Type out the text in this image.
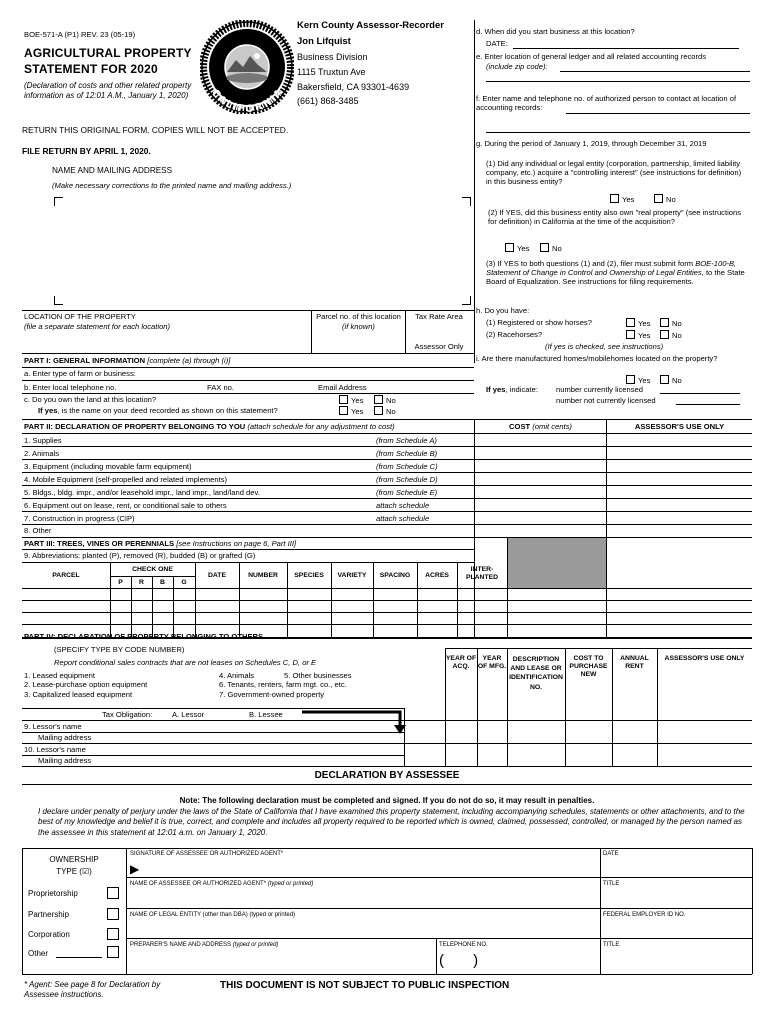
BOE-571-A (P1) REV. 23 (05-19)
AGRICULTURAL PROPERTY
STATEMENT FOR 2020
(Declaration of costs and other related property information as of 12:01 A.M., January 1, 2020)	CALIFORNIA
Kern County Assessor-Recorder
Jon Lifquist
Business Division
1115 Truxtun Ave
Bakersfield, CA 93301-4639
(661) 868-3485
RETURN THIS ORIGINAL FORM. COPIES WILL NOT BE ACCEPTED.
FILE RETURN BY APRIL 1, 2020.
NAME AND MAILING ADDRESS
(Make necessary corrections to the printed name and mailing address.)
d. When did you start business at this location?
DATE:
e. Enter location of general ledger and all related accounting records
(include zip code):
f. Enter name and telephone no. of authorized person to contact at location of accounting records:
g. During the period of January 1, 2019, through December 31, 2019
(1) Did any individual or legal entity (corporation, partnership, limited liability company, etc.) acquire a "controlling interest" (see instructions for definition) in this business entity?
Yes	No
(2) If YES, did this business entity also own "real property" (see instructions for definition) in California at the time of the acquisition?
Yes	No
(3) If YES to both questions (1) and (2), filer must submit form BOE-100-B, Statement of Change in Control and Ownership of Legal Entities, to the State Board of Equalization. See instructions for filing requirements.
h. Do you have:
(1) Registered or show horses?	Yes	No
(2) Racehorses?	Yes	No
(If yes is checked, see instructions)
i. Are there manufactured homes/mobilehomes located on the property?
Yes	No
If yes, indicate: number currently licensed
number not currently licensed
LOCATION OF THE PROPERTY
(file a separate statement for each location)
Parcel no. of this location
(if known)
Tax Rate Area
Assessor Only
PART I: GENERAL INFORMATION [complete (a) through (i)]
a. Enter type of farm or business:
b. Enter local telephone no.	FAX no.	Email Address
c. Do you own the land at this location?	Yes	No
If yes, is the name on your deed recorded as shown on this statement?	Yes	No
PART II: DECLARATION OF PROPERTY BELONGING TO YOU (attach schedule for any adjustment to cost)	COST (omit cents)	ASSESSOR'S USE ONLY
1. Supplies	(from Schedule A)
2. Animals	(from Schedule B)
3. Equipment (including movable farm equipment)	(from Schedule C)
4. Mobile Equipment (self-propelled and related implements)	(from Schedule D)
5. Bldgs., bldg. impr., and/or leasehold impr., land impr., land/land dev.	(from Schedule E)
6. Equipment out on lease, rent, or conditional sale to others	attach schedule
7. Construction in progress (CIP)	attach schedule
8. Other
PART III: TREES, VINES OR PERENNIALS [see Instructions on page 6, Part III]
9. Abbreviations: planted (P), removed (R), budded (B) or grafted (G)
PARCEL
CHECK ONE
P	R	B	G
DATE	NUMBER	SPECIES	VARIETY	SPACING	ACRES
INTER-PLANTED
PART IV: DECLARATION OF PROPERTY BELONGING TO OTHERS
(SPECIFY TYPE BY CODE NUMBER)
Report conditional sales contracts that are not leases on Schedules C, D, or E
1. Leased equipment
2. Lease-purchase option equipment
3. Capitalized leased equipment
4. Animals	5. Other businesses
6. Tenants, renters, farm mgt. co., etc.
7. Government-owned property
Tax Obligation:	A. Lessor	B. Lessee
9. Lessor's name
Mailing address
10. Lessor's name
Mailing address
YEAR OF ACQ.
YEAR OF MFG.
DESCRIPTION AND LEASE OR IDENTIFICATION NO.
COST TO PURCHASE NEW
ANNUAL RENT
ASSESSOR'S USE ONLY
DECLARATION BY ASSESSEE
Note: The following declaration must be completed and signed. If you do not do so, it may result in penalties.
I declare under penalty of perjury under the laws of the State of California that I have examined this property statement, including accompanying schedules, statements or other attachments, and to the best of my knowledge and belief it is true, correct, and complete and includes all property required to be reported which is owned, claimed, possessed, controlled, or managed by the person named as the assessee in this statement at 12:01 a.m. on January 1, 2020.
OWNERSHIP
TYPE (☑)
Proprietorship
Partnership
Corporation
Other
SIGNATURE OF ASSESSEE OR AUTHORIZED AGENT*
▶
DATE
NAME OF ASSESSEE OR AUTHORIZED AGENT* (typed or printed)	TITLE
NAME OF LEGAL ENTITY (other than DBA) (typed or printed)	FEDERAL EMPLOYER ID NO.
PREPARER'S NAME AND ADDRESS (typed or printed)	TELEPHONE NO.
(       )
TITLE
* Agent: See page 8 for Declaration by Assessee instructions.
THIS DOCUMENT IS NOT SUBJECT TO PUBLIC INSPECTION
